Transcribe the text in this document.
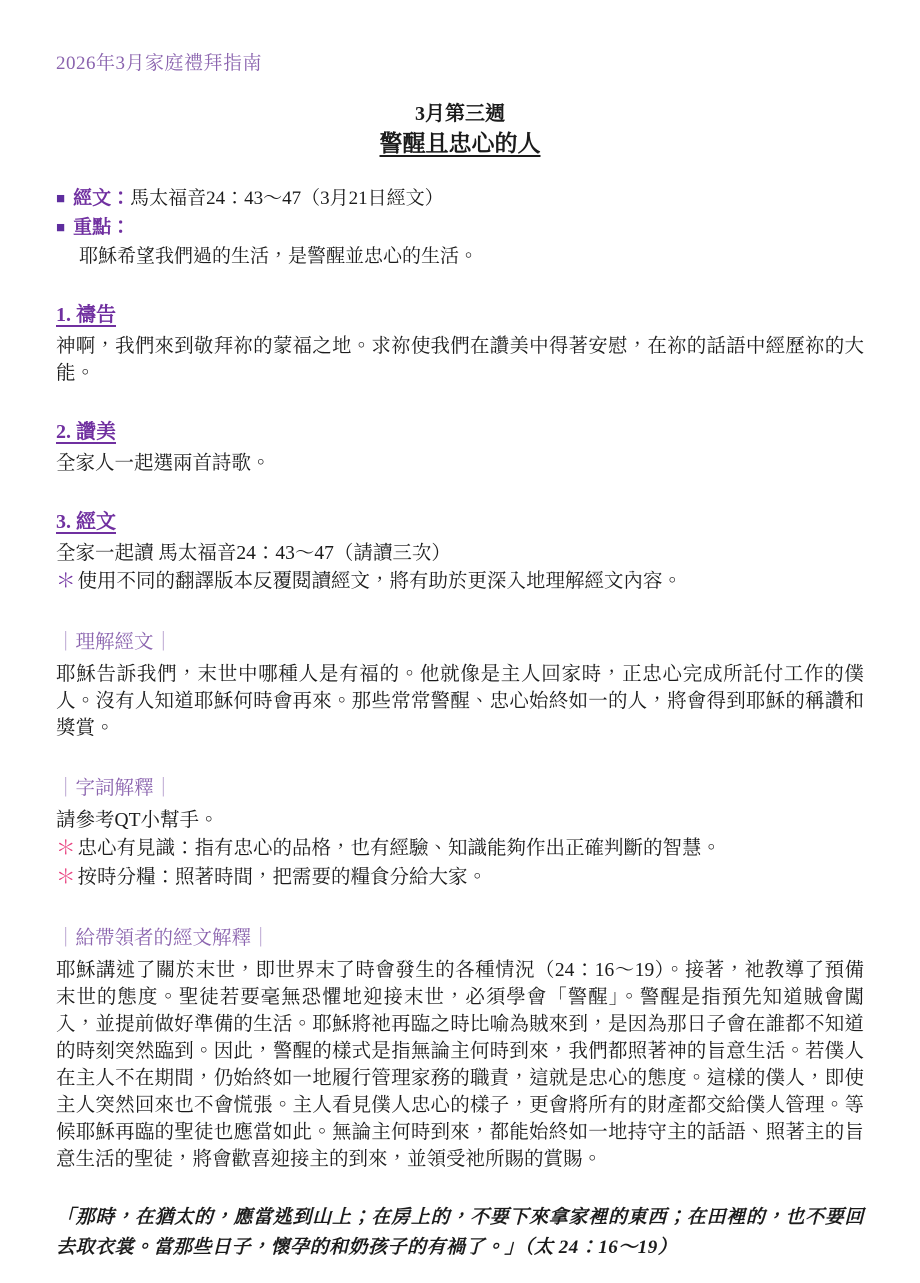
2026年3月家庭禮拜指南
3月第三週
警醒且忠心的人
■ 經文：馬太福音24：43～47（3月21日經文）
■ 重點：
耶穌希望我們過的生活，是警醒並忠心的生活。
1. 禱告
神啊，我們來到敬拜祢的蒙福之地。求祢使我們在讚美中得著安慰，在祢的話語中經歷祢的大能。
2. 讚美
全家人一起選兩首詩歌。
3. 經文
全家一起讀 馬太福音24：43～47（請讀三次）
＊ 使用不同的翻譯版本反覆閱讀經文，將有助於更深入地理解經文內容。
｜理解經文｜
耶穌告訴我們，末世中哪種人是有福的。他就像是主人回家時，正忠心完成所託付工作的僕人。沒有人知道耶穌何時會再來。那些常常警醒、忠心始終如一的人，將會得到耶穌的稱讚和獎賞。
｜字詞解釋｜
請參考QT小幫手。
＊ 忠心有見識：指有忠心的品格，也有經驗、知識能夠作出正確判斷的智慧。
＊ 按時分糧：照著時間，把需要的糧食分給大家。
｜給帶領者的經文解釋｜
耶穌講述了關於末世，即世界末了時會發生的各種情況（24：16～19）。接著，祂教導了預備末世的態度。聖徒若要毫無恐懼地迎接末世，必須學會「警醒」。警醒是指預先知道賊會闖入，並提前做好準備的生活。耶穌將祂再臨之時比喻為賊來到，是因為那日子會在誰都不知道的時刻突然臨到。因此，警醒的樣式是指無論主何時到來，我們都照著神的旨意生活。若僕人在主人不在期間，仍始終如一地履行管理家務的職責，這就是忠心的態度。這樣的僕人，即使主人突然回來也不會慌張。主人看見僕人忠心的樣子，更會將所有的財產都交給僕人管理。等候耶穌再臨的聖徒也應當如此。無論主何時到來，都能始終如一地持守主的話語、照著主的旨意生活的聖徒，將會歡喜迎接主的到來，並領受祂所賜的賞賜。
「那時，在猶太的，應當逃到山上；在房上的，不要下來拿家裡的東西；在田裡的，也不要回去取衣裳。當那些日子，懷孕的和奶孩子的有禍了。」（太 24：16～19）
